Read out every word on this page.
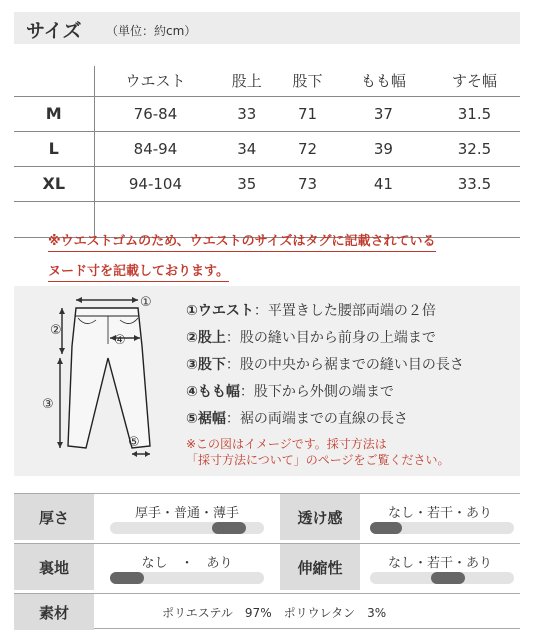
サイズ （単位：約cm）
	ウエスト	股上	股下	もも幅	すそ幅
M	76-84	33	71	37	31.5
L	84-94	34	72	39	32.5
XL	94-104	35	73	41	33.5

※ウエストゴムのため、ウエストのサイズはタグに記載されている
ヌード寸を記載しております。
①
②
③
④
⑤
①ウエスト：平置きした腰部両端の２倍
②股上：股の縫い目から前身の上端まで
③股下：股の中央から裾までの縫い目の長さ
④もも幅：股下から外側の端まで
⑤裾幅：裾の両端までの直線の長さ
※この図はイメージです。採寸方法は
「採寸方法について」のページをご覧ください。
厚さ	厚手・普通・薄手	透け感	なし・若干・あり
裏地	なし　・　あり	伸縮性	なし・若干・あり
素材	ポリエステル　97%　ポリウレタン　3%
